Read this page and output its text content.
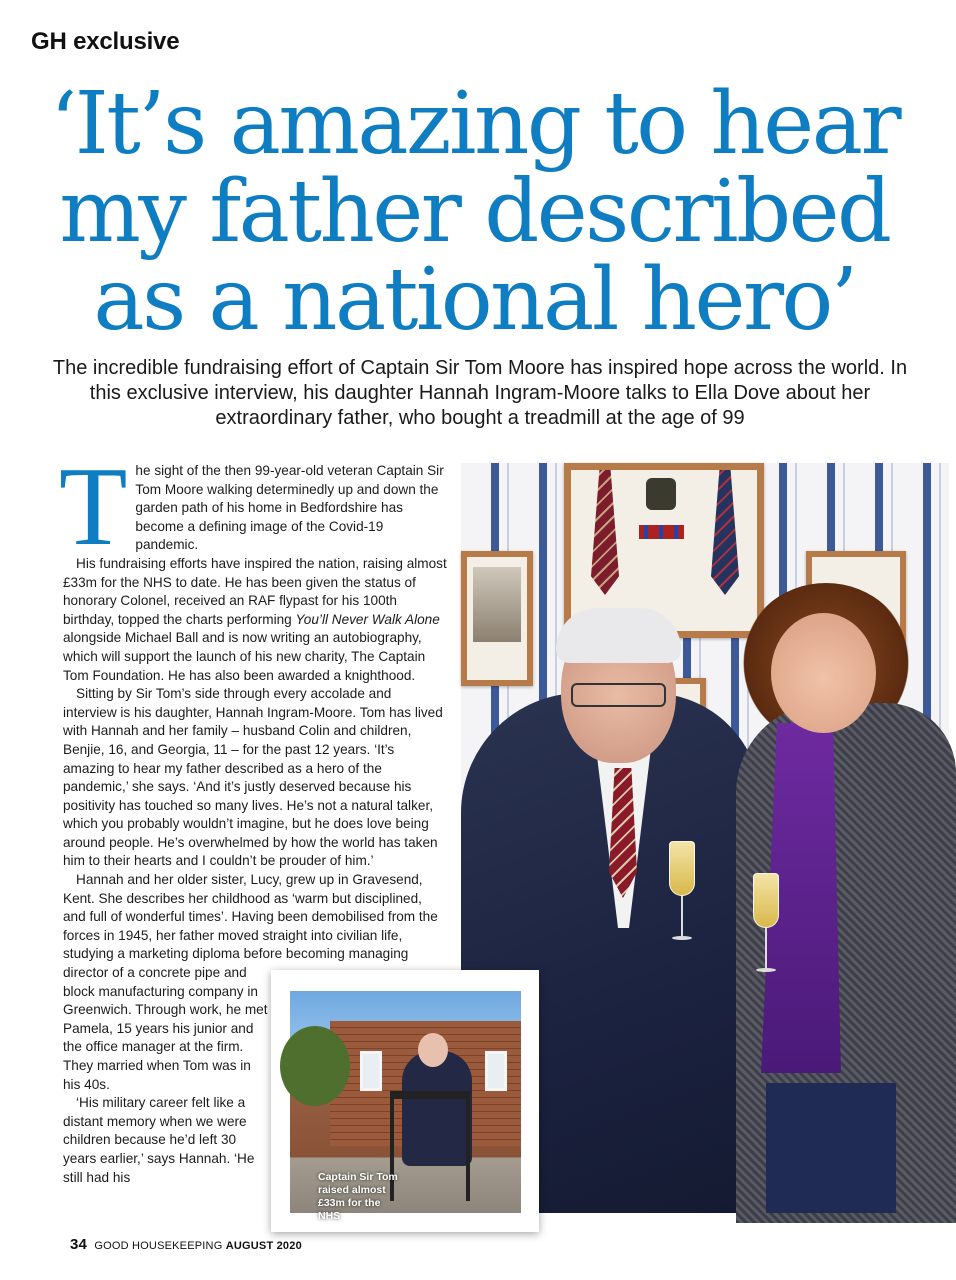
GH exclusive
‘It’s amazing to hear
my father described
as a national hero’

The incredible fundraising effort of Captain Sir Tom Moore has inspired hope across the world. In this exclusive interview, his daughter Hannah Ingram-Moore talks to Ella Dove about her extraordinary father, who bought a treadmill at the age of 99

T he sight of the then 99-year-old veteran Captain Sir Tom Moore walking determinedly up and down the garden path of his home in Bedfordshire has become a defining image of the Covid-19 pandemic.

His fundraising efforts have inspired the nation, raising almost £33m for the NHS to date. He has been given the status of honorary Colonel, received an RAF flypast for his 100th birthday, topped the charts performing You’ll Never Walk Alone alongside Michael Ball and is now writing an autobiography, which will support the launch of his new charity, The Captain Tom Foundation. He has also been awarded a knighthood.

Sitting by Sir Tom’s side through every accolade and interview is his daughter, Hannah Ingram-Moore. Tom has lived with Hannah and her family – husband Colin and children, Benjie, 16, and Georgia, 11 – for the past 12 years. ‘It’s amazing to hear my father described as a hero of the pandemic,’ she says. ‘And it’s justly deserved because his positivity has touched so many lives. He’s not a natural talker, which you probably wouldn’t imagine, but he does love being around people. He’s overwhelmed by how the world has taken him to their hearts and I couldn’t be prouder of him.’

Hannah and her older sister, Lucy, grew up in Gravesend, Kent. She describes her childhood as ‘warm but disciplined, and full of wonderful times’. Having been demobilised from the forces in 1945, her father moved straight into civilian life, studying a marketing diploma before becoming managing

director of a concrete pipe and block manufacturing company in Greenwich. Through work, he met Pamela, 15 years his junior and the office manager at the firm. They married when Tom was in his 40s.

‘His military career felt like a distant memory when we were children because he’d left 30 years earlier,’ says Hannah. ‘He still had his	Captain Sir Tom raised almost £33m for the NHS
34 GOOD HOUSEKEEPING AUGUST 2020
